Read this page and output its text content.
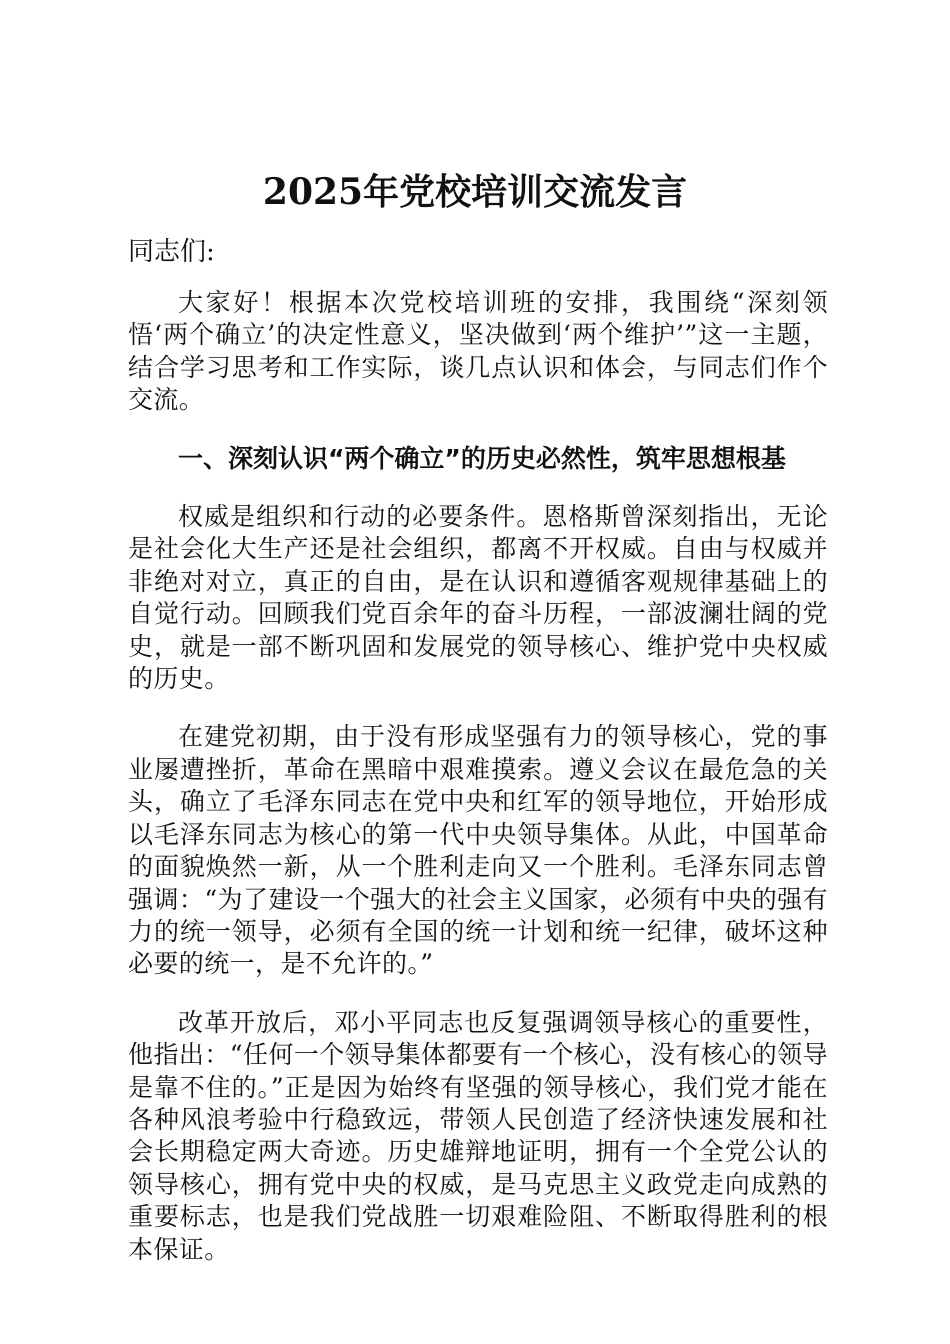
2025年党校培训交流发言
同志们:

大家好！根据本次党校培训班的安排，我围绕“深刻领悟‘两个确立’的决定性意义，坚决做到‘两个维护’”这一主题，结合学习思考和工作实际，谈几点认识和体会，与同志们作个交流。

一、深刻认识“两个确立”的历史必然性，筑牢思想根基

权威是组织和行动的必要条件。恩格斯曾深刻指出，无论是社会化大生产还是社会组织，都离不开权威。自由与权威并非绝对对立，真正的自由，是在认识和遵循客观规律基础上的自觉行动。回顾我们党百余年的奋斗历程，一部波澜壮阔的党史，就是一部不断巩固和发展党的领导核心、维护党中央权威的历史。

在建党初期，由于没有形成坚强有力的领导核心，党的事业屡遭挫折，革命在黑暗中艰难摸索。遵义会议在最危急的关头，确立了毛泽东同志在党中央和红军的领导地位，开始形成以毛泽东同志为核心的第一代中央领导集体。从此，中国革命的面貌焕然一新，从一个胜利走向又一个胜利。毛泽东同志曾强调：“为了建设一个强大的社会主义国家，必须有中央的强有力的统一领导，必须有全国的统一计划和统一纪律，破坏这种必要的统一，是不允许的。”

改革开放后，邓小平同志也反复强调领导核心的重要性，他指出：“任何一个领导集体都要有一个核心，没有核心的领导是靠不住的。”正是因为始终有坚强的领导核心，我们党才能在各种风浪考验中行稳致远，带领人民创造了经济快速发展和社会长期稳定两大奇迹。历史雄辩地证明，拥有一个全党公认的领导核心，拥有党中央的权威，是马克思主义政党走向成熟的重要标志，也是我们党战胜一切艰难险阻、不断取得胜利的根本保证。
